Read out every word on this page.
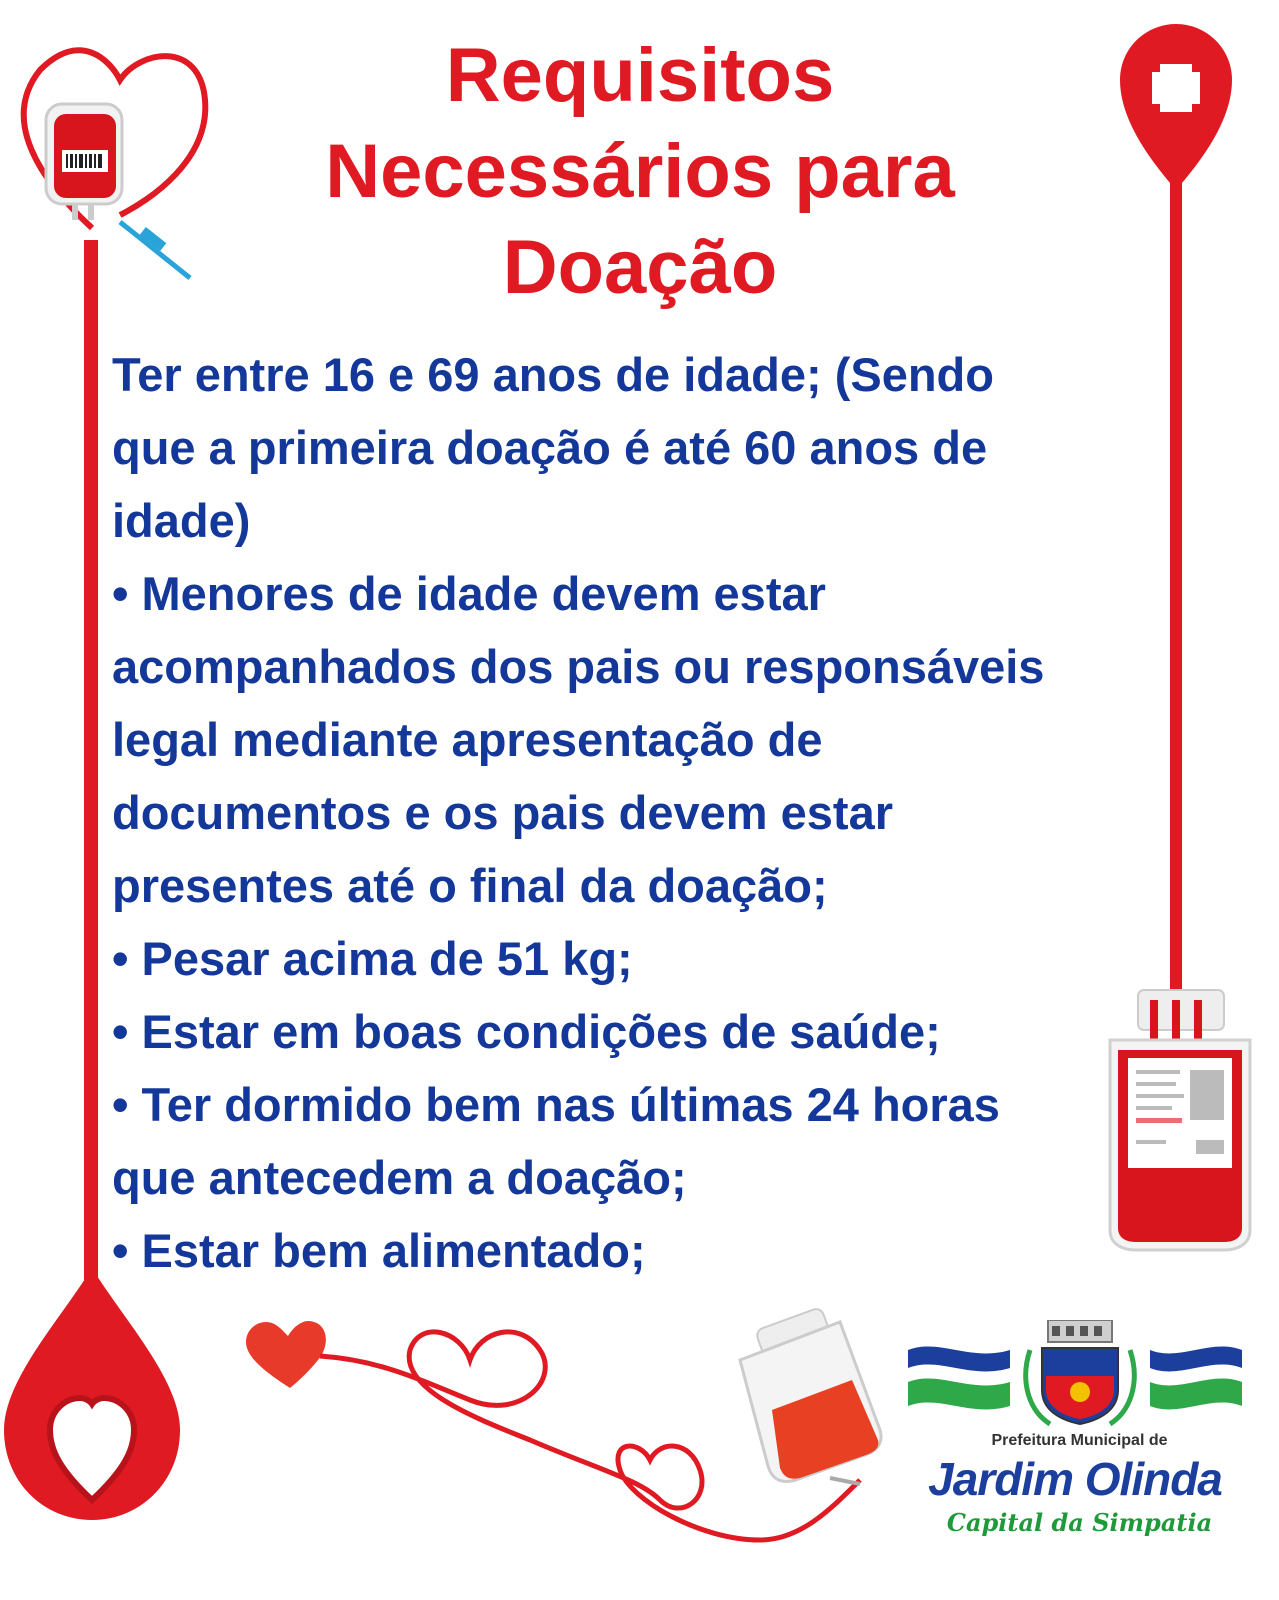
Requisitos
Necessários para
Doação
Ter entre 16 e 69 anos de idade; (Sendo
que a primeira doação é até 60 anos de
idade)
• Menores de idade devem estar
acompanhados dos pais ou responsáveis
legal mediante apresentação de
documentos e os pais devem estar
presentes até o final da doação;
• Pesar acima de 51 kg;
• Estar em boas condições de saúde;
• Ter dormido bem nas últimas 24 horas
que antecedem a doação;
• Estar bem alimentado;
Prefeitura Municipal de
Jardim Olinda
Capital da Simpatia
